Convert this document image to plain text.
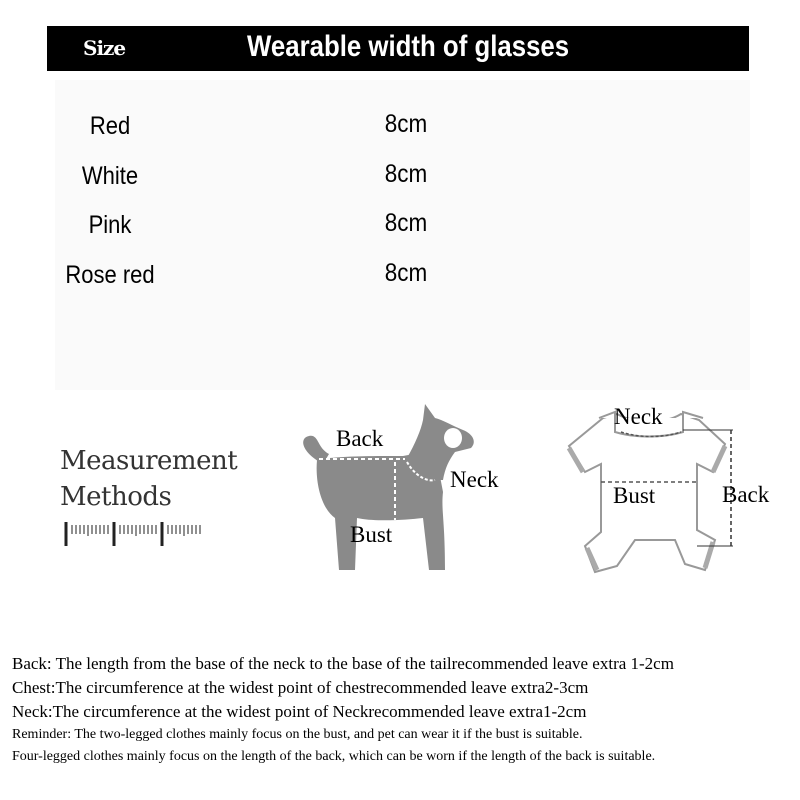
Size	Wearable width of glasses
Red	8cm
White	8cm
Pink	8cm
Rose red	8cm
Measurement
Methods
Back
Neck
Bust
Neck
Bust	Back
Back: The length from the base of the neck to the base of the tailrecommended leave extra 1-2cm
Chest:The circumference at the widest point of chestrecommended leave extra2-3cm
Neck:The circumference at the widest point of Neckrecommended leave extra1-2cm
Reminder: The two-legged clothes mainly focus on the bust, and pet can wear it if the bust is suitable.
Four-legged clothes mainly focus on the length of the back, which can be worn if the length of the back is suitable.
